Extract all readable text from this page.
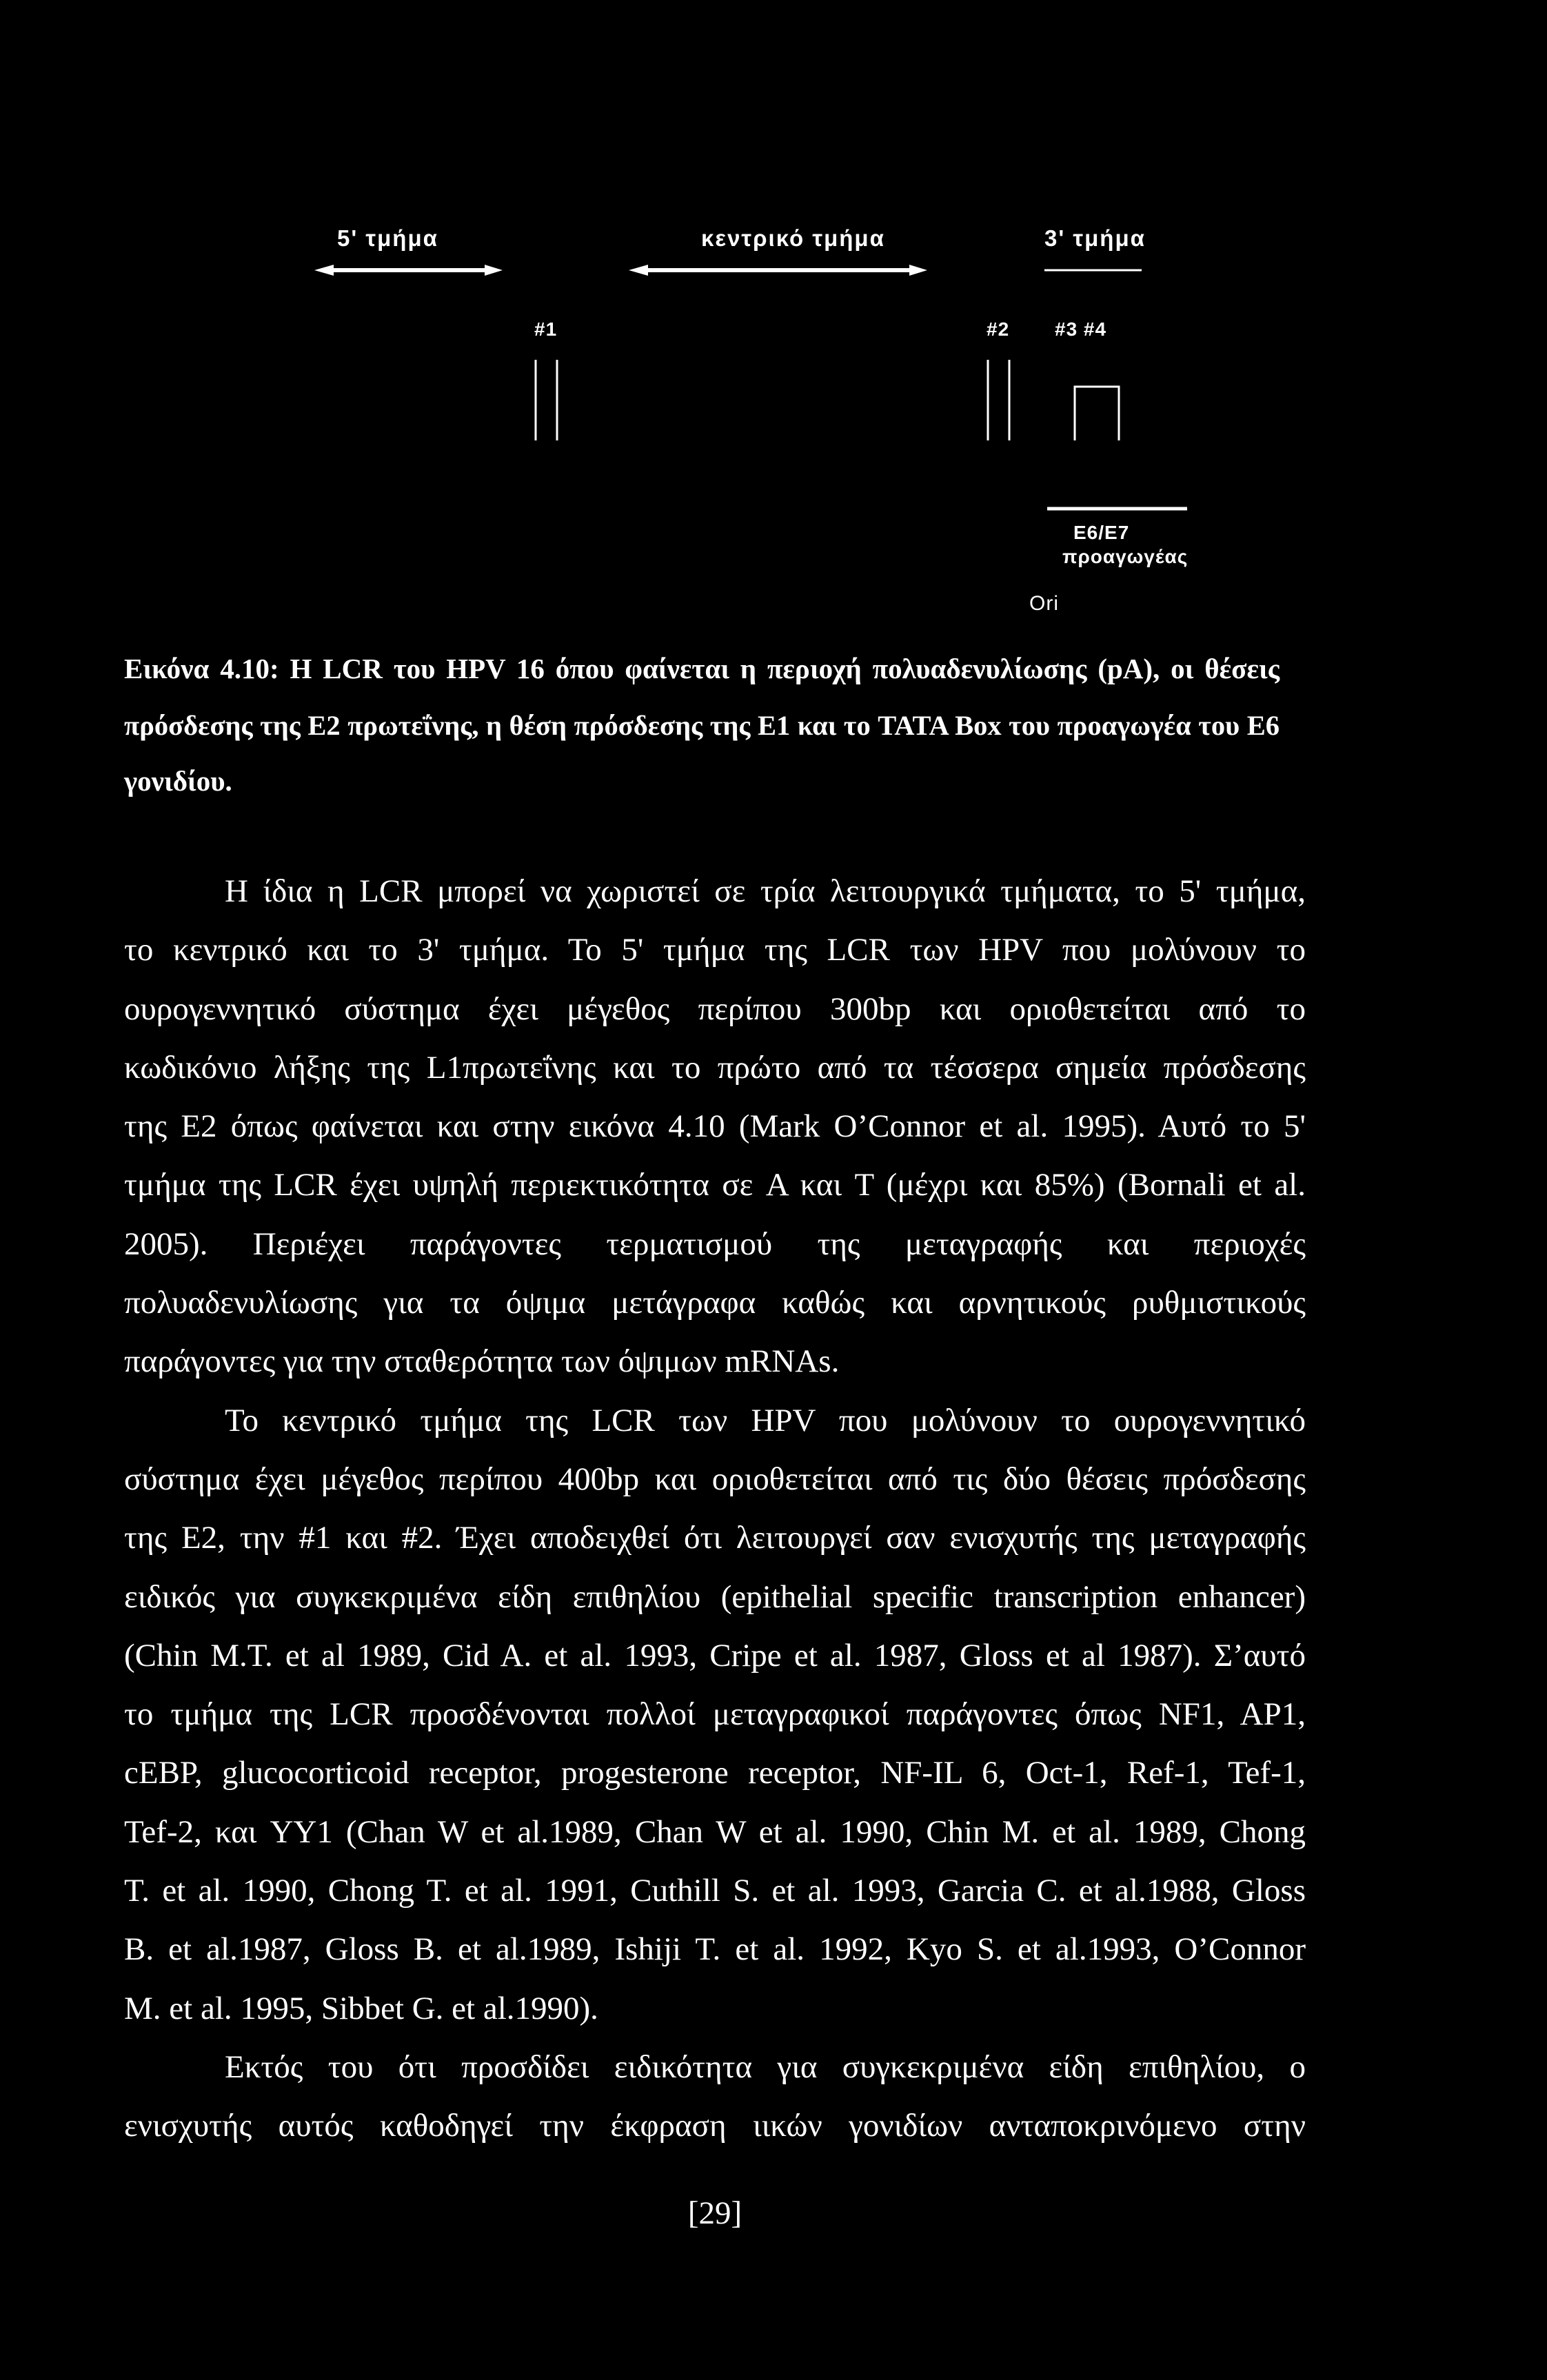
5' τμήμα	κεντρικό τμήμα	3' τμήμα
#1	#2 #3 #4
E6/E7
προαγωγέας
Ori
Εικόνα 4.10: Η LCR του HPV 16 όπου φαίνεται η περιοχή πολυαδενυλίωσης (pA), οι θέσεις
πρόσδεσης της E2 πρωτεΐνης, η θέση πρόσδεσης της E1 και το TATA Box του προαγωγέα του E6
γονιδίου.
Η ίδια η LCR μπορεί να χωριστεί σε τρία λειτουργικά τμήματα, το 5' τμήμα,
το κεντρικό και το 3' τμήμα. Το 5' τμήμα της LCR των HPV που μολύνουν το
ουρογεννητικό σύστημα έχει μέγεθος περίπου 300bp και οριοθετείται από το
κωδικόνιο λήξης της L1πρωτεΐνης και το πρώτο από τα τέσσερα σημεία πρόσδεσης
της E2 όπως φαίνεται και στην εικόνα 4.10 (Mark O’Connor et al. 1995). Αυτό το 5'
τμήμα της LCR έχει υψηλή περιεκτικότητα σε A και T (μέχρι και 85%) (Bornali et al.
2005). Περιέχει παράγοντες τερματισμού της μεταγραφής και περιοχές
πολυαδενυλίωσης για τα όψιμα μετάγραφα καθώς και αρνητικούς ρυθμιστικούς
παράγοντες για την σταθερότητα των όψιμων mRNAs.
Το κεντρικό τμήμα της LCR των HPV που μολύνουν το ουρογεννητικό
σύστημα έχει μέγεθος περίπου 400bp και οριοθετείται από τις δύο θέσεις πρόσδεσης
της E2, την #1 και #2. Έχει αποδειχθεί ότι λειτουργεί σαν ενισχυτής της μεταγραφής
ειδικός για συγκεκριμένα είδη επιθηλίου (epithelial specific transcription enhancer)
(Chin M.T. et al 1989, Cid A. et al. 1993, Cripe et al. 1987, Gloss et al 1987). Σ’αυτό
το τμήμα της LCR προσδένονται πολλοί μεταγραφικοί παράγοντες όπως NF1, AP1,
cEBP, glucocorticoid receptor, progesterone receptor, NF-IL 6, Oct-1, Ref-1, Tef-1,
Tef-2, και YY1 (Chan W et al.1989, Chan W et al. 1990, Chin M. et al. 1989, Chong
T. et al. 1990, Chong T. et al. 1991, Cuthill S. et al. 1993, Garcia C. et al.1988, Gloss
B. et al.1987, Gloss B. et al.1989, Ishiji T. et al. 1992, Kyo S. et al.1993, O’Connor
M. et al. 1995, Sibbet G. et al.1990).
Εκτός του ότι προσδίδει ειδικότητα για συγκεκριμένα είδη επιθηλίου, ο
ενισχυτής αυτός καθοδηγεί την έκφραση ιικών γονιδίων ανταποκρινόμενο στην
[29]
